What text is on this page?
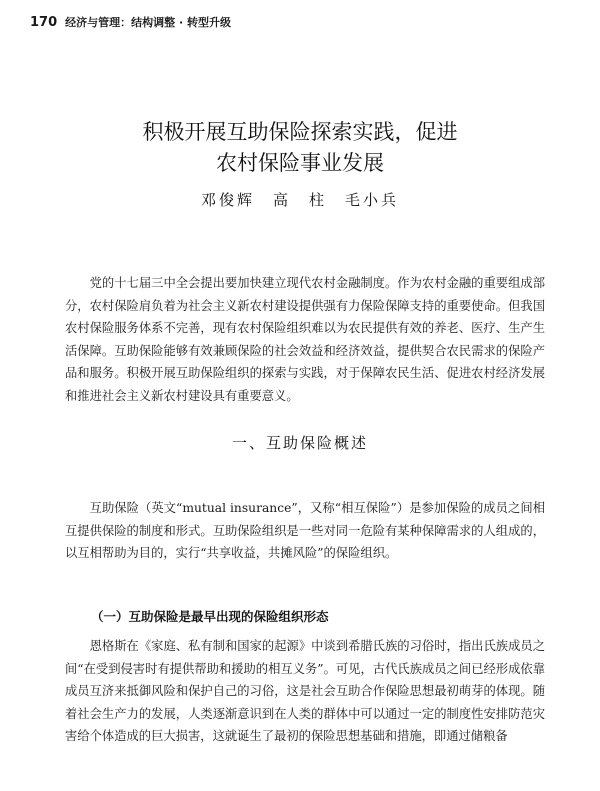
170 经济与管理：结构调整 · 转型升级
积极开展互助保险探索实践，促进
农村保险事业发展
邓俊辉　高　柱　毛小兵

党的十七届三中全会提出要加快建立现代农村金融制度。作为农村金融的重要组成部分，农村保险肩负着为社会主义新农村建设提供强有力保险保障支持的重要使命。但我国农村保险服务体系不完善，现有农村保险组织难以为农民提供有效的养老、医疗、生产生活保障。互助保险能够有效兼顾保险的社会效益和经济效益，提供契合农民需求的保险产品和服务。积极开展互助保险组织的探索与实践，对于保障农民生活、促进农村经济发展和推进社会主义新农村建设具有重要意义。

一、互助保险概述

互助保险（英文“mutual insurance”，又称“相互保险”）是参加保险的成员之间相互提供保险的制度和形式。互助保险组织是一些对同一危险有某种保障需求的人组成的，以互相帮助为目的，实行“共享收益，共摊风险”的保险组织。

（一）互助保险是最早出现的保险组织形态

恩格斯在《家庭、私有制和国家的起源》中谈到希腊氏族的习俗时，指出氏族成员之间“在受到侵害时有提供帮助和援助的相互义务”。可见，古代氏族成员之间已经形成依靠成员互济来抵御风险和保护自己的习俗，这是社会互助合作保险思想最初萌芽的体现。随着社会生产力的发展，人类逐渐意识到在人类的群体中可以通过一定的制度性安排防范灾害给个体造成的巨大损害，这就诞生了最初的保险思想基础和措施，即通过储粮备
